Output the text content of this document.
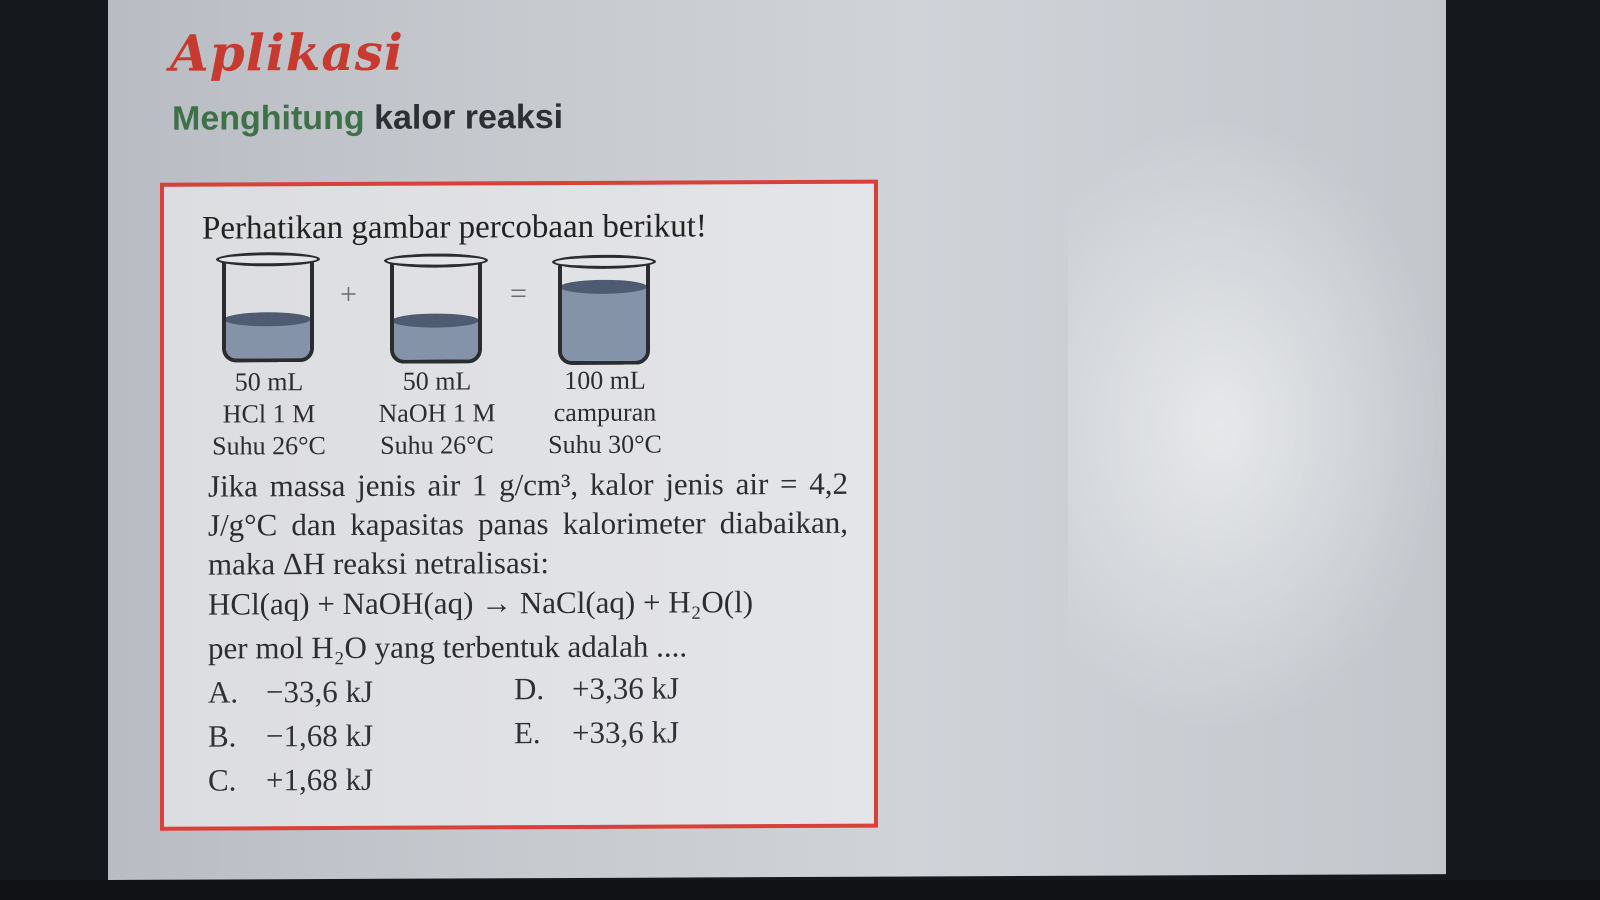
Aplikasi
Menghitung kalor reaksi
Perhatikan gambar percobaan berikut!
+	=
50 mL
HCl 1 M
Suhu 26°C
50 mL
NaOH 1 M
Suhu 26°C
100 mL
campuran
Suhu 30°C
Jika massa jenis air 1 g/cm³, kalor jenis air = 4,2 J/g°C dan kapasitas panas kalorimeter diabaikan, maka ΔH reaksi netralisasi:
HCl(aq) + NaOH(aq) → NaCl(aq) + H₂O(l)
per mol H₂O yang terbentuk adalah ....
A. −33,6 kJ
B. −1,68 kJ
C. +1,68 kJ
D. +3,36 kJ
E. +33,6 kJ
